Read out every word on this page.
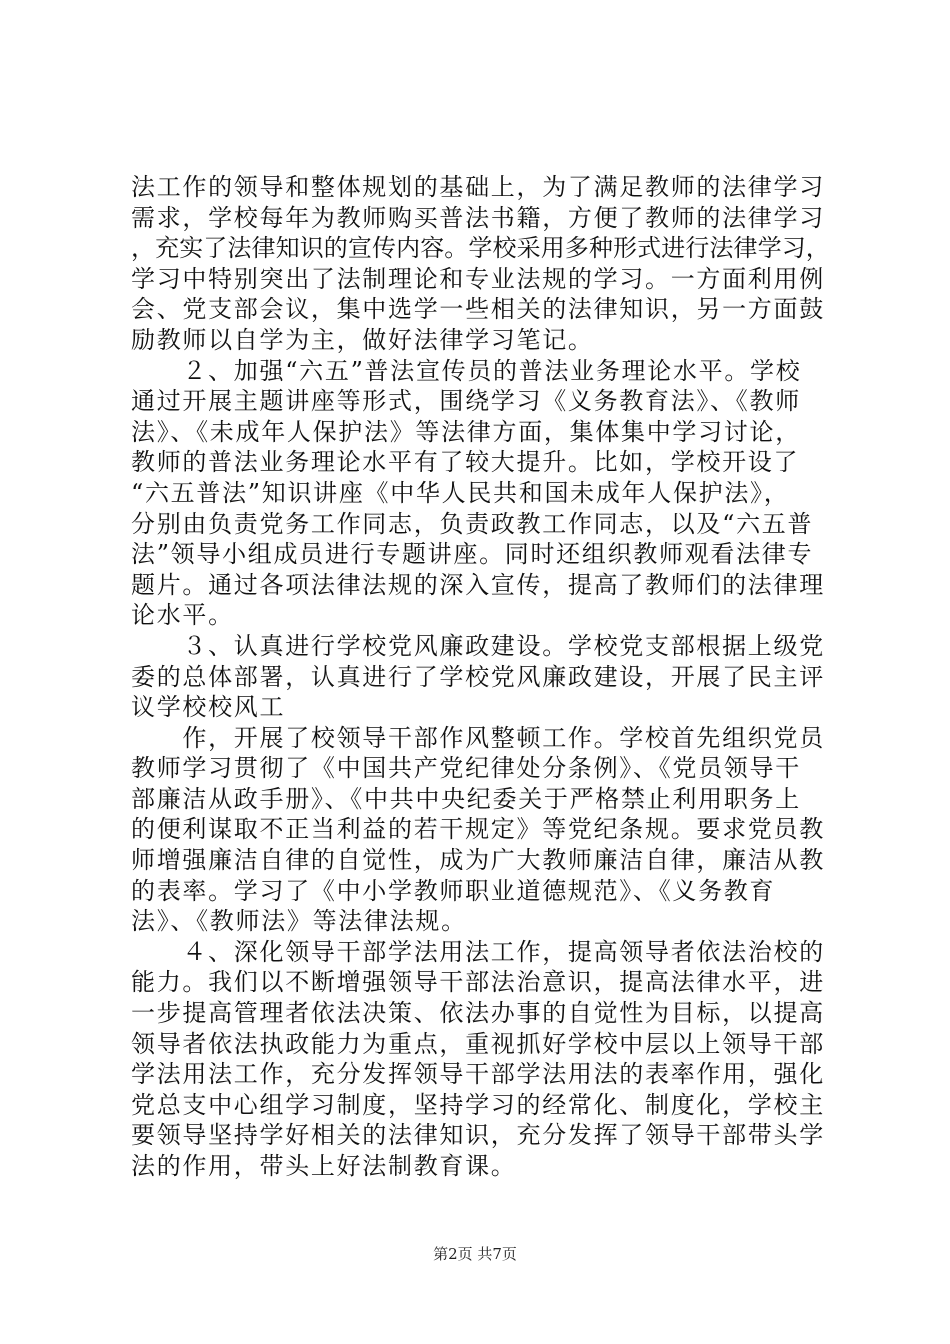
法工作的领导和整体规划的基础上，为了满足教师的法律学习
需求，学校每年为教师购买普法书籍，方便了教师的法律学习
，充实了法律知识的宣传内容。学校采用多种形式进行法律学习，
学习中特别突出了法制理论和专业法规的学习。一方面利用例
会、党支部会议，集中选学一些相关的法律知识，另一方面鼓
励教师以自学为主，做好法律学习笔记。
　　２、加强“六五”普法宣传员的普法业务理论水平。学校
通过开展主题讲座等形式，围绕学习《义务教育法》、《教师
法》、《未成年人保护法》等法律方面，集体集中学习讨论，
教师的普法业务理论水平有了较大提升。比如，学校开设了
“六五普法”知识讲座《中华人民共和国未成年人保护法》，
分别由负责党务工作同志，负责政教工作同志，以及“六五普
法”领导小组成员进行专题讲座。同时还组织教师观看法律专
题片。通过各项法律法规的深入宣传，提高了教师们的法律理
论水平。
　　３、认真进行学校党风廉政建设。学校党支部根据上级党
委的总体部署，认真进行了学校党风廉政建设，开展了民主评
议学校校风工
　　作，开展了校领导干部作风整顿工作。学校首先组织党员
教师学习贯彻了《中国共产党纪律处分条例》、《党员领导干
部廉洁从政手册》、《中共中央纪委关于严格禁止利用职务上
的便利谋取不正当利益的若干规定》等党纪条规。要求党员教
师增强廉洁自律的自觉性，成为广大教师廉洁自律，廉洁从教
的表率。学习了《中小学教师职业道德规范》、《义务教育
法》、《教师法》等法律法规。
　　４、深化领导干部学法用法工作，提高领导者依法治校的
能力。我们以不断增强领导干部法治意识，提高法律水平，进
一步提高管理者依法决策、依法办事的自觉性为目标，以提高
领导者依法执政能力为重点，重视抓好学校中层以上领导干部
学法用法工作，充分发挥领导干部学法用法的表率作用，强化
党总支中心组学习制度，坚持学习的经常化、制度化，学校主
要领导坚持学好相关的法律知识，充分发挥了领导干部带头学
法的作用，带头上好法制教育课。
第2页 共7页
